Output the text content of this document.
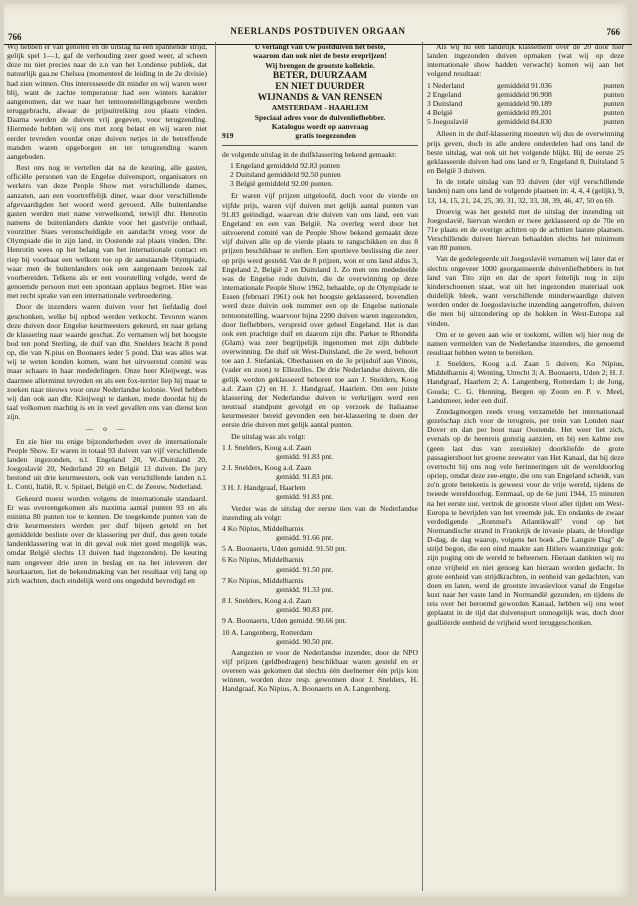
766
NEERLANDS POSTDUIVEN ORGAAN	766

Wij hebben er van genoten en de uitslag na een spannende strijd, gelijk spel 1—1, gaf de verhouding zeer goed weer, al scheen deze nu niet precies naar de z.n van het Londense publiek, dat natuurlijk gaa.ne Chelsea (momenteel de leiding in de 2e divisie) had zien winnen. Ons interesseerde dit minder en wij waren weer blij, want de zachte temperatuur had een winters karakter aangenomen, dat we naar het tentoonstellingsgebouw werden teruggebracht, alwaar de prijsuitreiking zou plaats vinden. Daarna werden de duiven vrij gegeven, voor terugzending. Hiermede hebben wij ons met zorg belast en wij waren niet eerder tevreden voordat onze duiven netjes in de betreffende manden waren opgeborgen en ter terugzending waren aangeboden.

Rest ons nog te vertellen dat na de keuring, alle gasten, officiële personen van de Engelse duivensport, organisators en werkers van deze People Show met verschillende dames, aanzaten, aan een voortreffelijk diner, waar door verschillende afgevaardigden het woord werd gevoerd. Alle buitenlandse gasten werden met name verwelkomd, terwijl dhr. Henrotin namens de buitenlanders dankte voor het gastvrije onthaal, voorzitter Staes veronschuldigde en aandacht vroeg voor de Olympiade die in zijn land, in Oostende zal plaats vinden. Dhr. Henrotin wees op het belang van het internationale contact en riep bij voorbaat een welkom toe op de aanstaande Olympiade, waar men de buitenlanders ook een aangenaam bezoek zal voorbereiden. Telkens als er een voorstelling volgde, werd de genoemde persoon met een spontaan applaus begroet. Hier was met recht sprake van een internationale verbroedering.

Door de inzenders waren duiven voor het liefdadig doel geschonken, welke bij opbod werden verkocht. Tevoren waren deze duiven door Engelse keurmeesters gekeurd, en naar gelang de klassering naar waarde geschat. Zo vernamen wij het hoogste bod ten pond Sterling, de duif van dhr. Snelders bracht 8 pond op, die van N.pius en Boonaers ieder 5 pond. Dat was alles wat wij te weten konden komen, want het uitvoerend comité was maar schaars in haar mededelingen. Onze heer Kleijwegt, was daarmee allerminst tevreden en als een fox-terrier liep hij maar te zoeken naar nieuws voor onze Nederlandse kolonie. Veel hebben wij dan ook aan dhr. Kleijwegt te danken, mede doordat hij de taal volkomen machtig is en in veel gevallen ons van dienst kon zijn.

— o —

En zie hier nu enige bijzonderheden over de internationale People Show. Er waren in totaal 93 duiven van vijf verschillende landen ingezonden, n.l. Engeland 20, W.-Duitsland 20, Joegoslavië 20, Nederland 20 en België 13 duiven. De jury bestond uit drie keurmeesters, ook van verschillende landen n.l. L. Conti, Italië, R. v. Spitael, België en C. de Zeeuw, Nederland.

Gekeurd moest worden volgens de internationale standaard. Er was overeengekomen als maxima aantal punten 93 en als minima 80 punten toe te kennen. De toegekende punten van de drie keurmeesters werden per duif bijeen geteld en het gemiddelde besliste over de klassering per duif, dus geen totale landenklassering wat in dit geval ook niet goed mogelijk was, omdat België slechts 13 duiven had ingezonden). De keuring nam ongeveer drie uren in beslag en na het inleveren der keurkaarten, liet de bekendmaking van het resultaat vrij lang op zich wachten, doch eindelijk werd ons ongeduld bevredigd en

U verlangt van Uw postduiven het beste,
waarom dan ook niet de beste ereprijzen!
Wij brengen de grootste kollektie.
BETER, DUURZAAM
EN NIET DUURDER
WIJNANDS & VAN RENSEN
AMSTERDAM - HAARLEM
Speciaal adres voor de duivenliefhebber.
Katalogus wordt op aanvraag
919	gratis toegezonden

de volgende uitslag in de duifklassering bekend gemaakt:

1 Engeland gemiddeld 92.83 punten
2 Duitsland gemiddeld 92.50 punten
3 België gemiddeld 92.00 punten.

Er waren vijf prijzen uitgeloofd, doch voor de vierde en vijfde prijs, waren vijf duiven met gelijk aantal punten van 91.83 geëindigd, waarvan drie duiven van ons land, een van Engeland en een van België. Na overleg werd door het uitvoerend comité van de People Show bekend gemaakt deze vijf duiven alle op de vierde plaats te rangschikken en dus 8 prijzen beschikbaar te stellen. Een sportieve beslissing die zeer op prijs werd gesteld. Van de 8 prijzen, won er ons land aldus 3, Engeland 2, België 2 en Duitsland 1. Zo men ons mededeelde was de Engelse rode duivin, die de overwinning op deze internationale People Show 1962, behaalde, op de Olympiade te Essen (februari 1961) ook het hoogste geklasseerd, bovendien werd deze duivin ook nummer een op de Engelse nationale tentoonstelling, waarvoor bijna 2200 duiven waren ingezonden, door liefhebbers, verspreid over geheel Engeland. Het is dan ook een prachtige duif en daarom zijn dhr. Parker te Rhondda (Glam) was zeer begrijpelijk ingenomen met zijn dubbele overwinning. De duif uit West-Duitsland, die 2e werd, behoort toe aan J. Stefaniak, Oberhausen en de 3e prijsduif aan Vinois, (vader en zoon) te Ellezelles. De drie Nederlandse duiven, die gelijk werden geklasseerd behoren toe aan J. Snelders, Koog a.d. Zaan (2) en H. J. Handgraaf, Haarlem. Om een juiste klassering der Nederlandse duiven te verkrijgen werd een neutraal standpunt gevolgd en op verzoek de Italiaanse keurmeester bereid gevonden een her-klassering te doen der eerste drie duiven met gelijk aantal punten.

De uitslag was als volgt:

1 J. Snelders, Koog a.d. Zaan
gemidd. 91.83 pnt.
2 J. Snelders, Koog a.d. Zaan
gemidd. 91.83 pnt.
3 H. J. Handgraaf, Haarlem
gemidd. 91.83 pnt.

Verder was de uitslag der eerste tien van de Nederlandse inzending als volgt:

4 Ko Nipius, Middelharnis
gemidd. 91.66 pnt.
5 A. Boonaerts, Uden gemidd. 91.50 pnt.
6 Ko Nipius, Middelharnis
gemidd. 91.50 pnt.
7 Ko Nipius, Middelharnis
gemidd. 91.33 pnt.
8 J. Snelders, Koog a.d. Zaan
gemidd. 90.83 pnt.
9 A. Boonaerts, Uden gemidd. 90.66 pnt.
10 A. Langenberg, Rotterdam
gemidd. 90.50 pnt.

Aangezien er voor de Nederlandse inzender, door de NPO vijf prijzen (geldbedragen) beschikbaar waren gesteld en er overeen was gekomen dat slechts één deelnemer één prijs kon winnen, worden deze resp. gewonnen door J. Snelders, H. Handgraaf, Ko Nipius, A. Boonaerts en A. Langenberg.

Als wij nu een landelijk klassement over de 20 door hier landen ingezonden duiven opmaken (wat wij op deze internationale show hadden verwacht) komen wij aan het volgend resultaat:

1 Nederland	gemiddeld 91.036	punten
2 Engeland	gemiddeld 90.908	punten
3 Duitsland	gemiddeld 90.189	punten
4 België	gemiddeld 89.201	punten
5 Joegoslavië	gemiddeld 84.830	punten

Alleen in de duif-klassering moesten wij dus de overwinning prijs geven, doch in alle andere onderdelen had ons land de beste uitslag, wat ook uit het volgende blijkt. Bij de eerste 25 geklasseerde duiven had ons land er 9, Engeland 8, Duitsland 5 en België 3 duiven.

In de totale uitslag van 93 duiven (der vijf verschillende landen) nam ons land de volgende plaatsen in: 4, 4, 4 (gelijk), 9, 13, 14, 15, 21, 24, 25, 30, 31, 32, 33, 38, 39, 46, 47, 50 en 69.

Droevig was het gesteld met de uitslag der inzending uit Joegoslavië, hiervan werden er twee geklasseerd op de 70e en 71e plaats en de overige achtten op de achttien laatste plaatsen. Verschillende duiven hiervan behaalden slechts het minimum van 80 punten.

Van de gedelegeerde uit Joegoslavië vernamen wij later dat er slechts ongeveer 1000 georganiseerde duivenliefhebbers in het land van Tito zijn en dat de sport feitelijk nog in zijn kinderschoenen staat, wat uit het ingezonden materiaal ook duidelijk bleek, want verschillende minderwaardige duiven werden onder de Joegoslavische inzending aangetroffen, duiven die men bij uitzondering op de hokken in West-Europa zal vinden.

Om er te geven aan wie er toekomt, willen wij hier nog de namen vermelden van de Nederlandse inzenders, die genoemd resultaat hebben weten te bereiken.

J. Snelders, Koog a.d. Zaan 5 duiven; Ko Nipius, Middelharnis 4; Wenting, Utrecht 3; A. Boonaerts, Uden 2; H. J. Handgraaf, Haarlem 2; A. Langenberg, Rotterdam 1; de Jong, Gouda; C. G. Henning, Bergen op Zoom en P. v. Meel, Landsmeer, ieder een duif.

Zondagmorgen reeds vroeg verzamelde het internationaal gezelschap zich voor de terugreis, per trein van Londen naar Dover en dan per boot naar Oostende. Het weer liet zich, evenals op de heenreis gunstig aanzien, en bij een kalme zee (geen last dus van zeeziekte) doorkliefde de grote passagiersboot het groene zeewater van Het Kanaal, dat bij deze overtocht bij ons nog vele herinneringen uit de wereldoorlog opriep, omdat deze zee-engte, die ons van Engeland scheidt, van zo'n grote betekenis is geweest voor de vrije wereld, tijdens de tweede wereldoorlog. Eenmaal, op de 6e juni 1944, 15 minuten na het eerste uur, vertrok de grootste vloot aller tijden om West-Europa te bevrijden van het vreemde juk. En ondanks de zwaar verdedigende „Rommel's Atlantikwall" vond op het Normandische strand in Frankrijk de invasie plaats, de bloedige D-dag, de dag waarop, volgens het boek „De Langste Dag" de strijd begon, die een eind maakte aan Hitlers waanzinnige gok: zijn poging om de wereld te beheersen. Hieraan dankten wij nu onze vrijheid en niet genoeg kan hieraan worden gedacht. In grote eenheid van strijdkrachten, in eenheid van gedachten, van doen en laten, werd de grootste invasievloot vanaf de Engelse kust naar het vaste land in Normandië gezonden, en tijdens de reis over het beroemd geworden Kanaal, hebben wij ons weer geplaatst in de tijd dat duivensport onmogelijk was, doch door gealliëerde eenheid de vrijheid werd teruggeschonken.
